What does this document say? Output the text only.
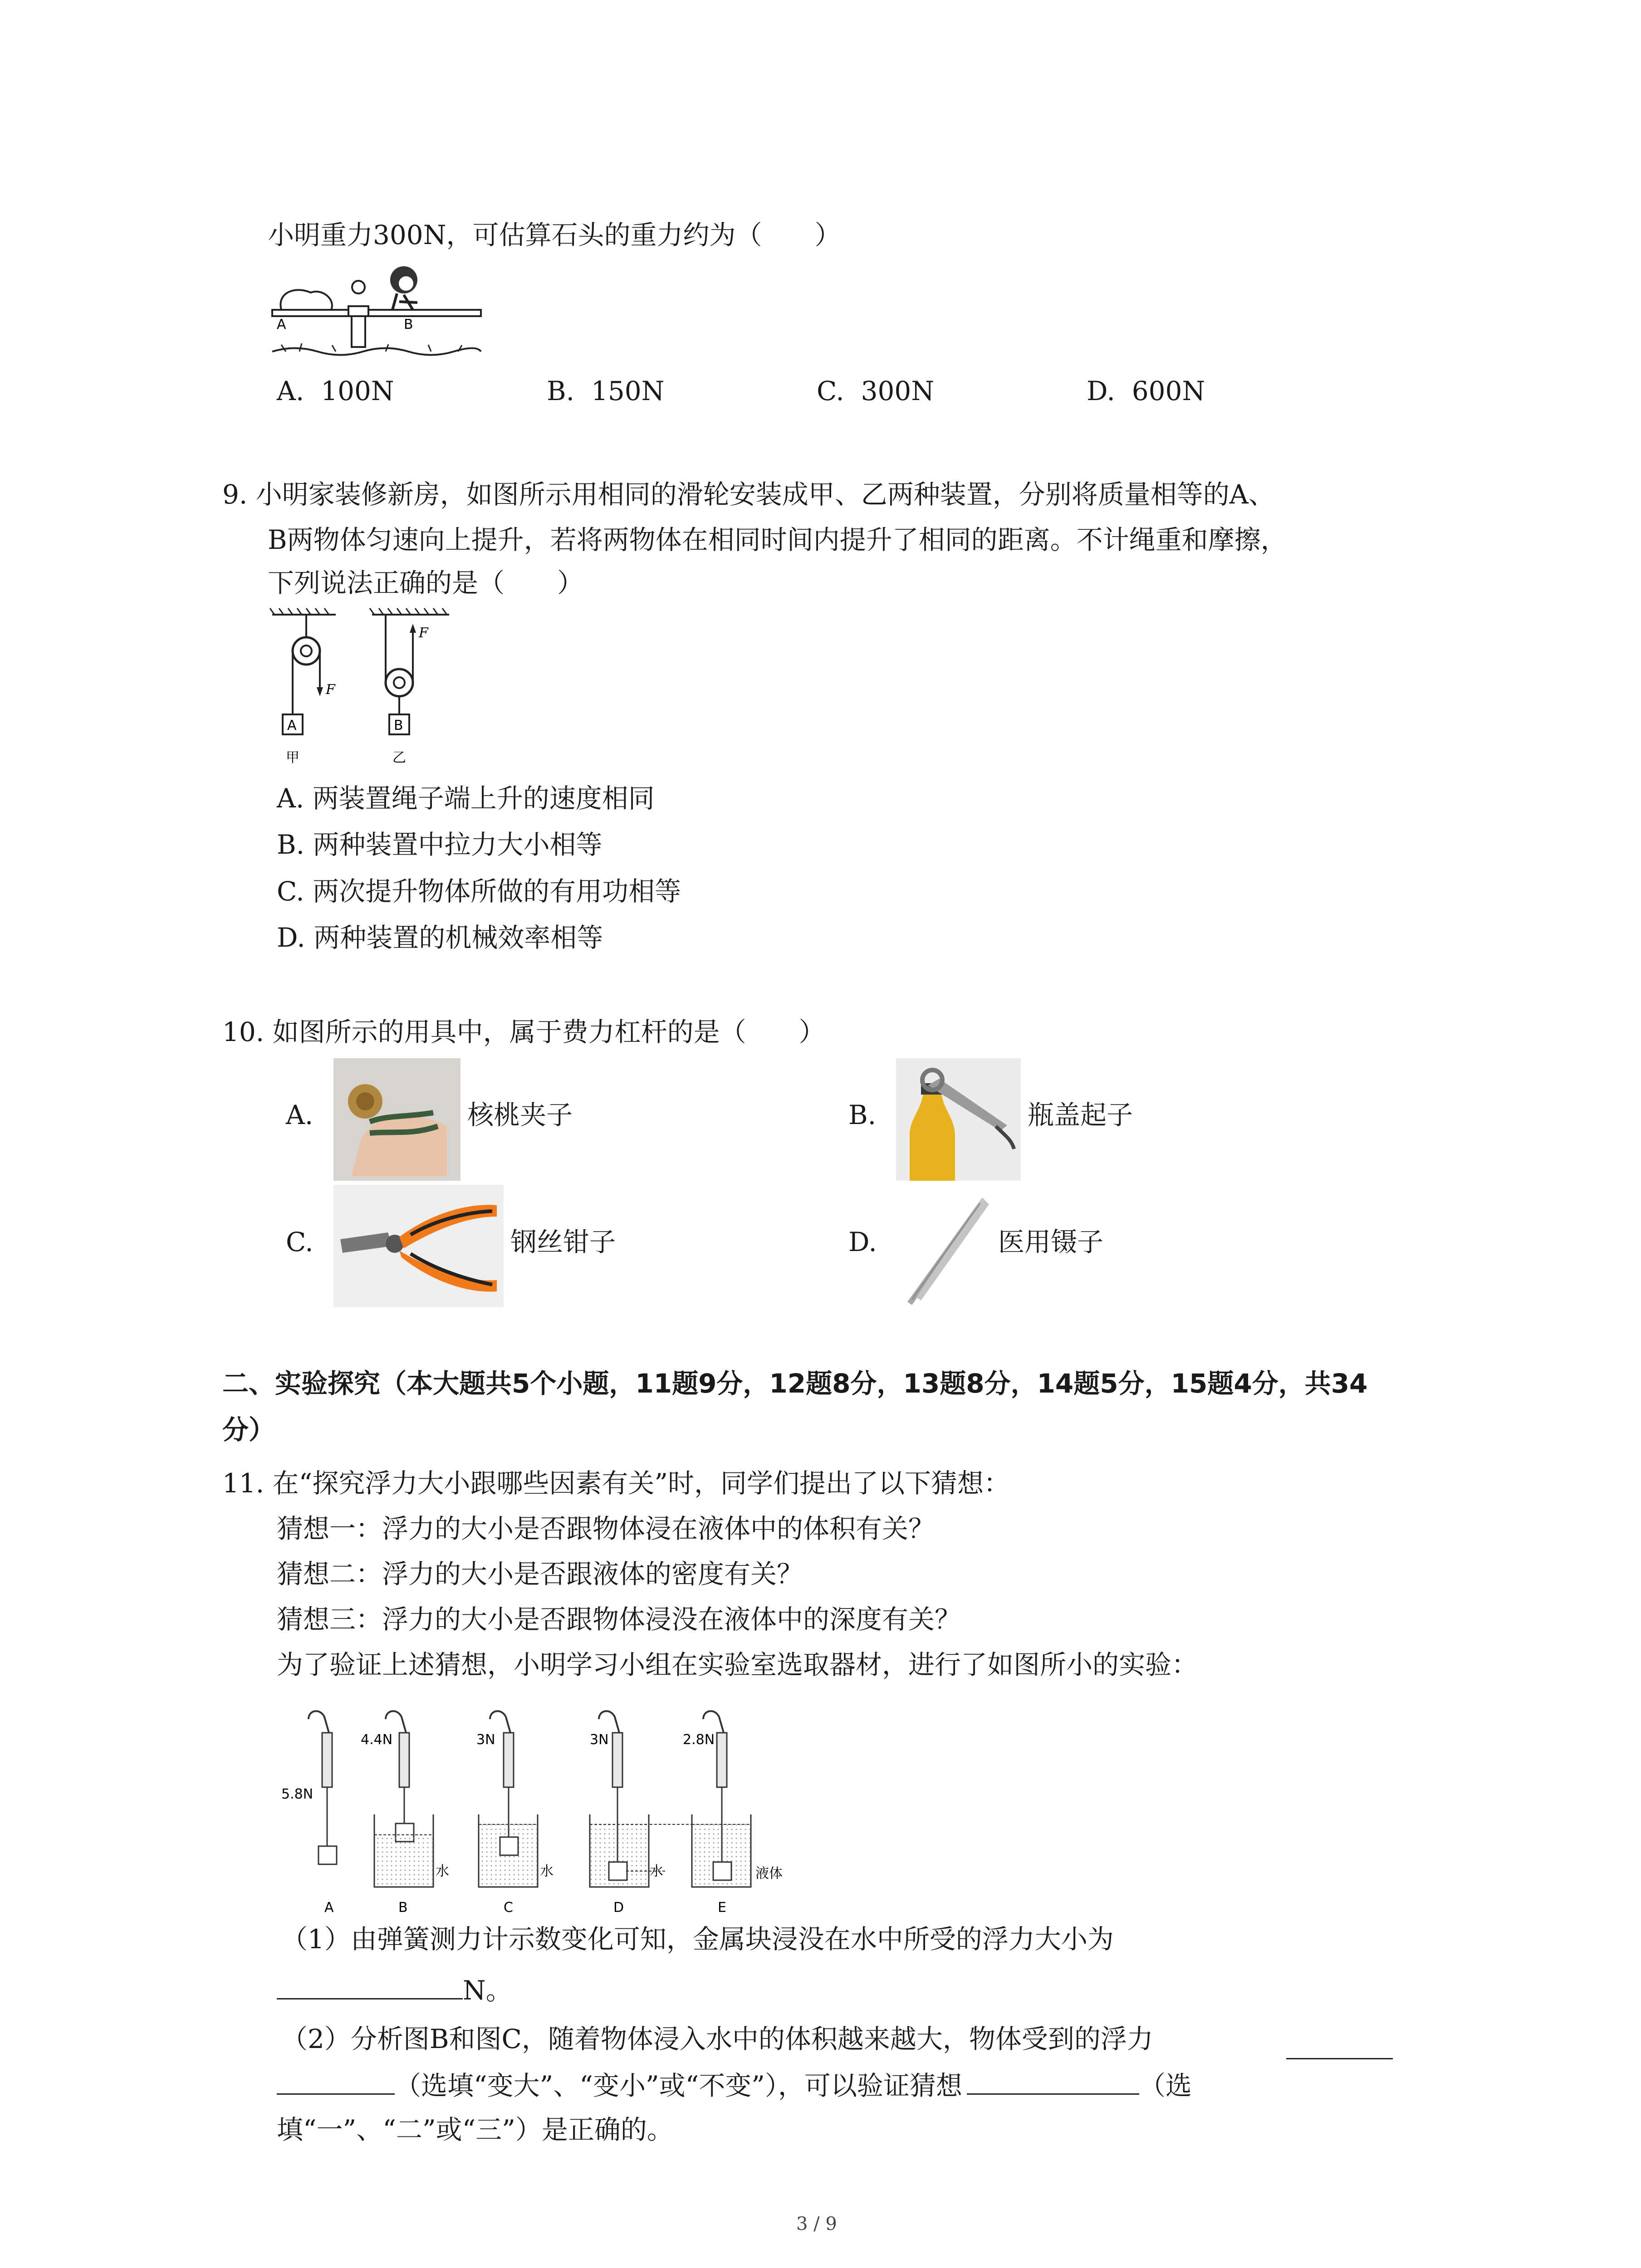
小明重力300N，可估算石头的重力约为（　　）
A	B
A. 100N	B. 150N	C. 300N	D. 600N
9. 小明家装修新房，如图所示用相同的滑轮安装成甲、乙两种装置，分别将质量相等的A、
B两物体匀速向上提升，若将两物体在相同时间内提升了相同的距离。不计绳重和摩擦，
下列说法正确的是（　　）
F
A
甲
F
B
乙
A. 两装置绳子端上升的速度相同
B. 两种装置中拉力大小相等
C. 两次提升物体所做的有用功相等
D. 两种装置的机械效率相等
10. 如图所示的用具中，属于费力杠杆的是（　　）
A.	核桃夹子	B.	瓶盖起子
C.	钢丝钳子	D.	医用镊子
二、实验探究（本大题共5个小题，11题9分，12题8分，13题8分，14题5分，15题4分，共34
分）
11. 在“探究浮力大小跟哪些因素有关”时，同学们提出了以下猜想：
猜想一：浮力的大小是否跟物体浸在液体中的体积有关？
猜想二：浮力的大小是否跟液体的密度有关？
猜想三：浮力的大小是否跟物体浸没在液体中的深度有关？
为了验证上述猜想，小明学习小组在实验室选取器材，进行了如图所小的实验：
5.8N
A
4.4N
水
B
3N
水
C
3N
水
D
2.8N
液体
E
（1）由弹簧测力计示数变化可知，金属块浸没在水中所受的浮力大小为
N。
（2）分析图B和图C，随着物体浸入水中的体积越来越大，物体受到的浮力
（选填“变大”、“变小”或“不变”），可以验证猜想	（选
填“一”、“二”或“三”）是正确的。
3 / 9
